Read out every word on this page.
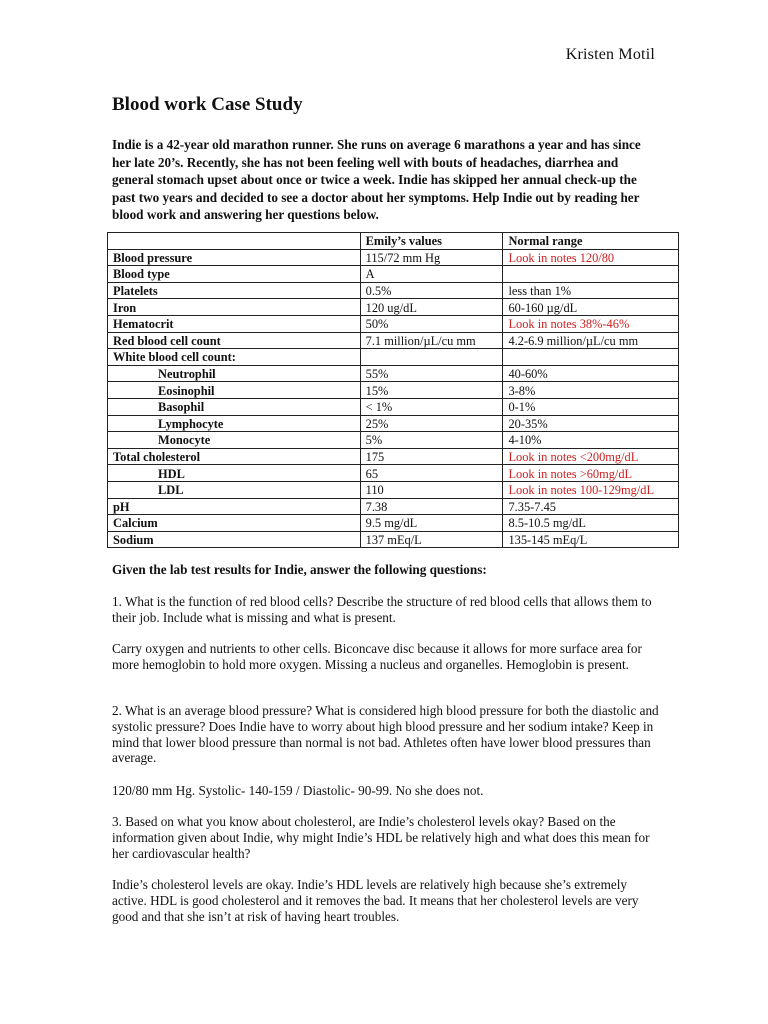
Kristen Motil
Blood work Case Study

Indie is a 42-year old marathon runner. She runs on average 6 marathons a year and has since her late 20’s. Recently, she has not been feeling well with bouts of headaches, diarrhea and general stomach upset about once or twice a week. Indie has skipped her annual check-up the past two years and decided to see a doctor about her symptoms. Help Indie out by reading her blood work and answering her questions below.

	Emily’s values	Normal range
Blood pressure	115/72 mm Hg	Look in notes 120/80
Blood type	A	
Platelets	0.5%	less than 1%
Iron	120 ug/dL	60-160 µg/dL
Hematocrit	50%	Look in notes 38%-46%
Red blood cell count	7.1 million/µL/cu mm	4.2-6.9 million/µL/cu mm
White blood cell count:		
Neutrophil	55%	40-60%
Eosinophil	15%	3-8%
Basophil	< 1%	0-1%
Lymphocyte	25%	20-35%
Monocyte	5%	4-10%
Total cholesterol	175	Look in notes <200mg/dL
HDL	65	Look in notes >60mg/dL
LDL	110	Look in notes 100-129mg/dL
pH	7.38	7.35-7.45
Calcium	9.5 mg/dL	8.5-10.5 mg/dL
Sodium	137 mEq/L	135-145 mEq/L

Given the lab test results for Indie, answer the following questions:

1. What is the function of red blood cells? Describe the structure of red blood cells that allows them to their job. Include what is missing and what is present.

Carry oxygen and nutrients to other cells. Biconcave disc because it allows for more surface area for more hemoglobin to hold more oxygen. Missing a nucleus and organelles. Hemoglobin is present.

2. What is an average blood pressure? What is considered high blood pressure for both the diastolic and systolic pressure? Does Indie have to worry about high blood pressure and her sodium intake? Keep in mind that lower blood pressure than normal is not bad. Athletes often have lower blood pressures than average.

120/80 mm Hg. Systolic- 140-159 / Diastolic- 90-99. No she does not.

3. Based on what you know about cholesterol, are Indie’s cholesterol levels okay? Based on the information given about Indie, why might Indie’s HDL be relatively high and what does this mean for her cardiovascular health?

Indie’s cholesterol levels are okay. Indie’s HDL levels are relatively high because she’s extremely active. HDL is good cholesterol and it removes the bad. It means that her cholesterol levels are very good and that she isn’t at risk of having heart troubles.
